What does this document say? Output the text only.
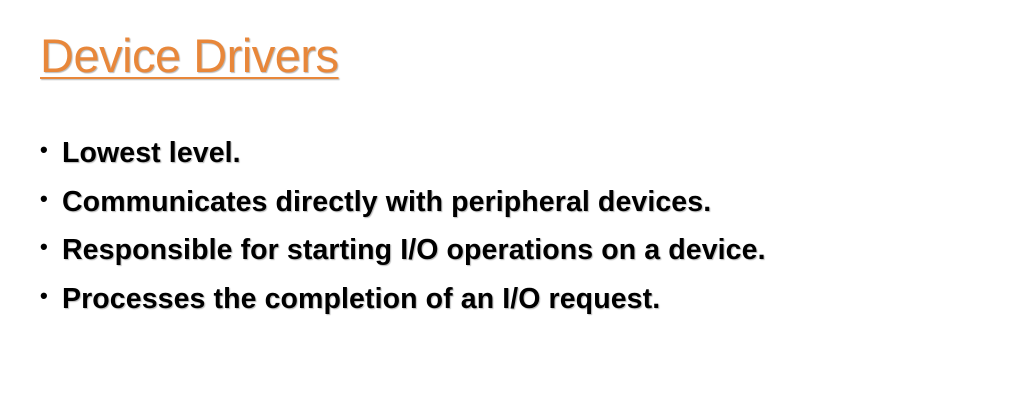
Device Drivers
• Lowest level.
• Communicates directly with peripheral devices.
• Responsible for starting I/O operations on a device.
• Processes the completion of an I/O request.
